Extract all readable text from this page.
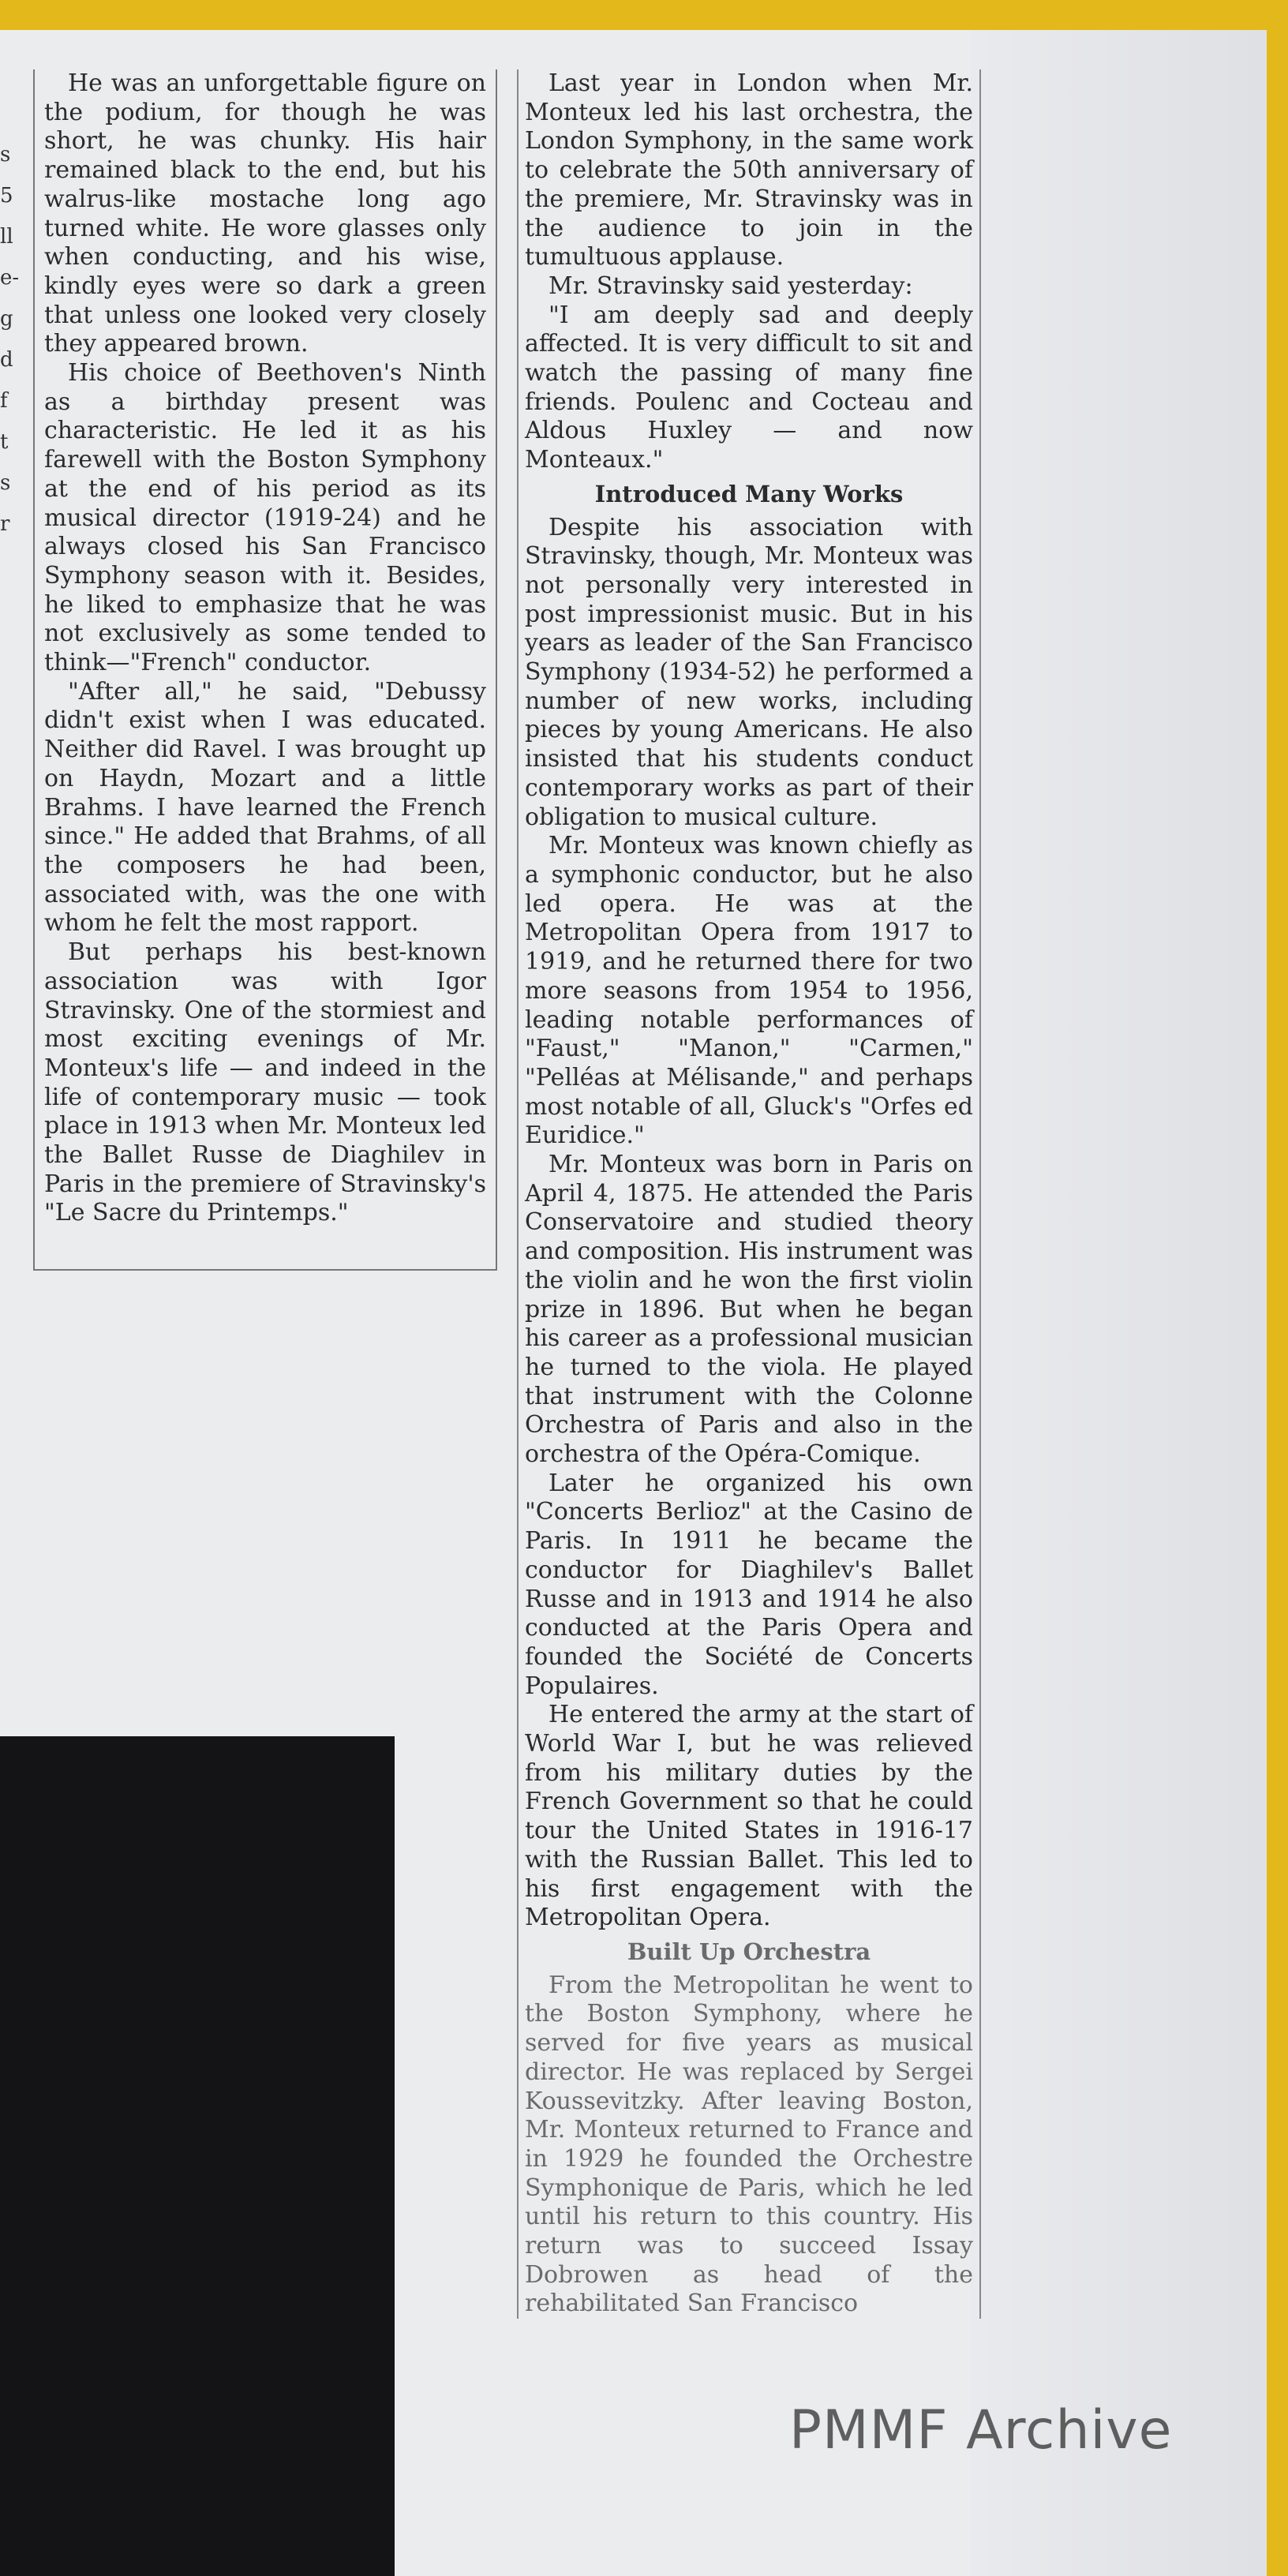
s
5
ll
e-
g
d
f
t
s
r

He was an unforgettable figure on the podium, for though he was short, he was chunky. His hair remained black to the end, but his walrus-like mostache long ago turned white. He wore glasses only when conducting, and his wise, kindly eyes were so dark a green that unless one looked very closely they appeared brown.

His choice of Beethoven's Ninth as a birthday present was characteristic. He led it as his farewell with the Boston Symphony at the end of his period as its musical director (1919-24) and he always closed his San Francisco Symphony season with it. Besides, he liked to emphasize that he was not exclusively as some tended to think—"French" conductor.

"After all," he said, "Debussy didn't exist when I was educated. Neither did Ravel. I was brought up on Haydn, Mozart and a little Brahms. I have learned the French since." He added that Brahms, of all the composers he had been, associated with, was the one with whom he felt the most rapport.

But perhaps his best-known association was with Igor Stravinsky. One of the stormiest and most exciting evenings of Mr. Monteux's life — and indeed in the life of contemporary music — took place in 1913 when Mr. Monteux led the Ballet Russe de Diaghilev in Paris in the premiere of Stravinsky's "Le Sacre du Printemps."

Last year in London when Mr. Monteux led his last orchestra, the London Symphony, in the same work to celebrate the 50th anniversary of the premiere, Mr. Stravinsky was in the audience to join in the tumultuous applause.

Mr. Stravinsky said yesterday:

"I am deeply sad and deeply affected. It is very difficult to sit and watch the passing of many fine friends. Poulenc and Cocteau and Aldous Huxley — and now Monteaux."

Introduced Many Works

Despite his association with Stravinsky, though, Mr. Monteux was not personally very interested in post impressionist music. But in his years as leader of the San Francisco Symphony (1934-52) he performed a number of new works, including pieces by young Americans. He also insisted that his students conduct contemporary works as part of their obligation to musical culture.

Mr. Monteux was known chiefly as a symphonic conductor, but he also led opera. He was at the Metropolitan Opera from 1917 to 1919, and he returned there for two more seasons from 1954 to 1956, leading notable performances of "Faust," "Manon," "Carmen," "Pelléas at Mélisande," and perhaps most notable of all, Gluck's "Orfes ed Euridice."

Mr. Monteux was born in Paris on April 4, 1875. He attended the Paris Conservatoire and studied theory and composition. His instrument was the violin and he won the first violin prize in 1896. But when he began his career as a professional musician he turned to the viola. He played that instrument with the Colonne Orchestra of Paris and also in the orchestra of the Opéra-Comique.

Later he organized his own "Concerts Berlioz" at the Casino de Paris. In 1911 he became the conductor for Diaghilev's Ballet Russe and in 1913 and 1914 he also conducted at the Paris Opera and founded the Société de Concerts Populaires.

He entered the army at the start of World War I, but he was relieved from his military duties by the French Government so that he could tour the United States in 1916-17 with the Russian Ballet. This led to his first engagement with the Metropolitan Opera.

Built Up Orchestra

From the Metropolitan he went to the Boston Symphony, where he served for five years as musical director. He was replaced by Sergei Koussevitzky. After leaving Boston, Mr. Monteux returned to France and in 1929 he founded the Orchestre Symphonique de Paris, which he led until his return to this country. His return was to succeed Issay Dobrowen as head of the rehabilitated San Francisco

PMMF Archive
